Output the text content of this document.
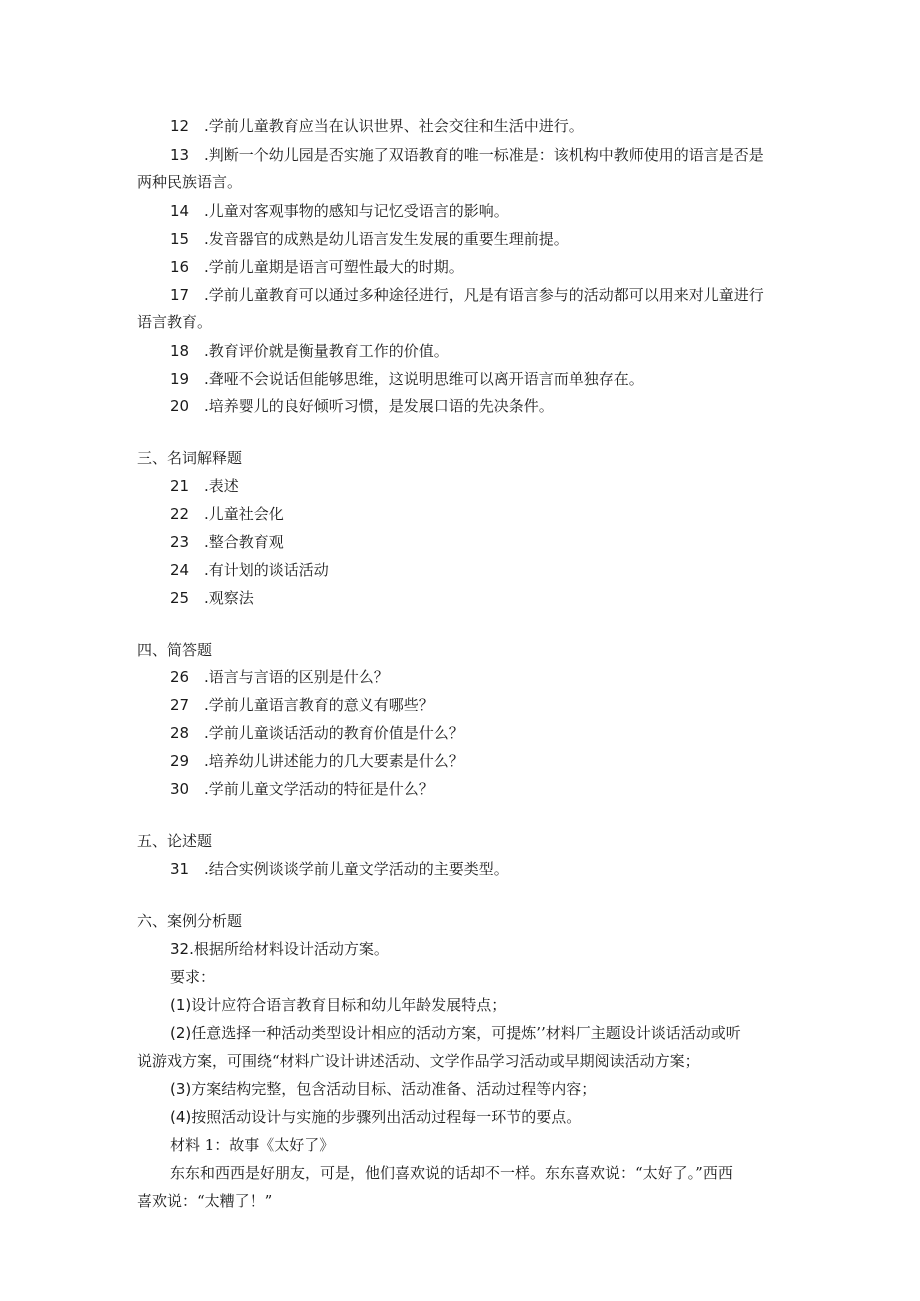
12 .学前儿童教育应当在认识世界、社会交往和生活中进行。
13 .判断一个幼儿园是否实施了双语教育的唯一标准是：该机构中教师使用的语言是否是
两种民族语言。
14 .儿童对客观事物的感知与记忆受语言的影响。
15 .发音器官的成熟是幼儿语言发生发展的重要生理前提。
16 .学前儿童期是语言可塑性最大的时期。
17 .学前儿童教育可以通过多种途径进行，凡是有语言参与的活动都可以用来对儿童进行
语言教育。
18 .教育评价就是衡量教育工作的价值。
19 .聋哑不会说话但能够思维，这说明思维可以离开语言而单独存在。
20 .培养婴儿的良好倾听习惯，是发展口语的先决条件。
三、名词解释题
21 .表述
22 .儿童社会化
23 .整合教育观
24 .有计划的谈话活动
25 .观察法
四、简答题
26 .语言与言语的区别是什么？
27 .学前儿童语言教育的意义有哪些？
28 .学前儿童谈话活动的教育价值是什么？
29 .培养幼儿讲述能力的几大要素是什么？
30 .学前儿童文学活动的特征是什么？
五、论述题
31 .结合实例谈谈学前儿童文学活动的主要类型。
六、案例分析题
32.根据所给材料设计活动方案。
要求：
(1)设计应符合语言教育目标和幼儿年龄发展特点；
(2)任意选择一种活动类型设计相应的活动方案，可提炼’’材料厂主题设计谈话活动或听
说游戏方案，可围绕“材料广设计讲述活动、文学作品学习活动或早期阅读活动方案；
(3)方案结构完整，包含活动目标、活动准备、活动过程等内容；
(4)按照活动设计与实施的步骤列出活动过程每一环节的要点。
材料 1：故事《太好了》
东东和西西是好朋友，可是，他们喜欢说的话却不一样。东东喜欢说：“太好了。”西西
喜欢说：“太糟了！”
